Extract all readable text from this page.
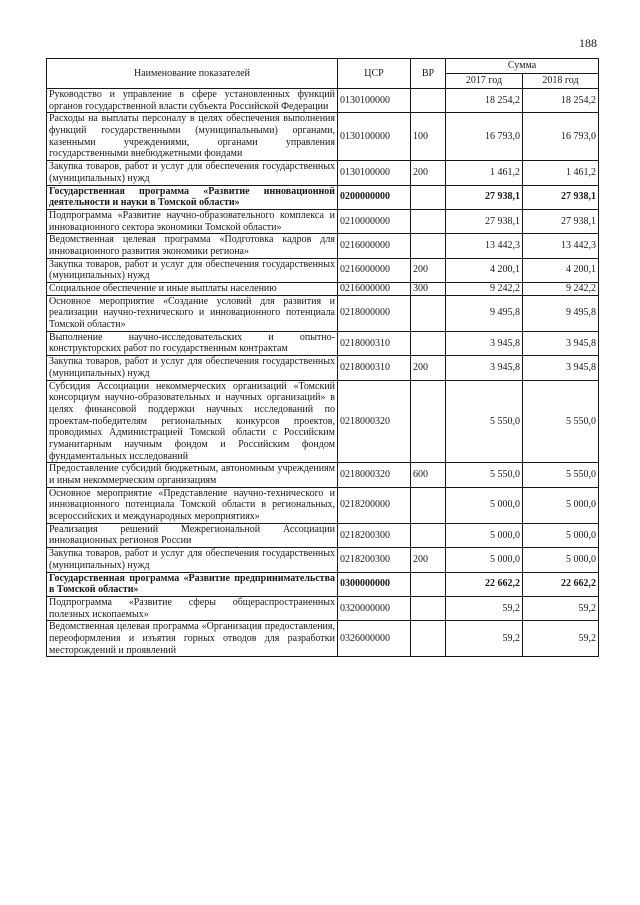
188
Наименование показателей	ЦСР	ВР	Сумма	
			2017 год	2018 год
Руководство и управление в сфере установленных функций органов государственной власти субъекта Российской Федерации	0130100000		18 254,2	18 254,2
Расходы на выплаты персоналу в целях обеспечения выполнения функций государственными (муниципальными) органами, казенными учреждениями, органами управления государственными внебюджетными фондами	0130100000	100	16 793,0	16 793,0
Закупка товаров, работ и услуг для обеспечения государственных (муниципальных) нужд	0130100000	200	1 461,2	1 461,2
Государственная программа «Развитие инновационной деятельности и науки в Томской области»	0200000000		27 938,1	27 938,1
Подпрограмма «Развитие научно-образовательного комплекса и инновационного сектора экономики Томской области»	0210000000		27 938,1	27 938,1
Ведомственная целевая программа «Подготовка кадров для инновационного развития экономики региона»	0216000000		13 442,3	13 442,3
Закупка товаров, работ и услуг для обеспечения государственных (муниципальных) нужд	0216000000	200	4 200,1	4 200,1
Социальное обеспечение и иные выплаты населению	0216000000	300	9 242,2	9 242,2
Основное мероприятие «Создание условий для развития и реализации научно-технического и инновационного потенциала Томской области»	0218000000		9 495,8	9 495,8
Выполнение научно-исследовательских и опытно-конструкторских работ по государственным контрактам	0218000310		3 945,8	3 945,8
Закупка товаров, работ и услуг для обеспечения государственных (муниципальных) нужд	0218000310	200	3 945,8	3 945,8
Субсидия Ассоциации некоммерческих организаций «Томский консорциум научно-образовательных и научных организаций» в целях финансовой поддержки научных исследований по проектам-победителям региональных конкурсов проектов, проводимых Администрацией Томской области с Российским гуманитарным научным фондом и Российским фондом фундаментальных исследований	0218000320		5 550,0	5 550,0
Предоставление субсидий бюджетным, автономным учреждениям и иным некоммерческим организациям	0218000320	600	5 550,0	5 550,0
Основное мероприятие «Представление научно-технического и инновационного потенциала Томской области в региональных, всероссийских и международных мероприятиях»	0218200000		5 000,0	5 000,0
Реализация решений Межрегиональной Ассоциации инновационных регионов России	0218200300		5 000,0	5 000,0
Закупка товаров, работ и услуг для обеспечения государственных (муниципальных) нужд	0218200300	200	5 000,0	5 000,0
Государственная программа «Развитие предпринимательства в Томской области»	0300000000		22 662,2	22 662,2
Подпрограмма «Развитие сферы общераспространенных полезных ископаемых»	0320000000		59,2	59,2
Ведомственная целевая программа «Организация предоставления, переоформления и изъятия горных отводов для разработки месторождений и проявлений	0326000000		59,2	59,2
